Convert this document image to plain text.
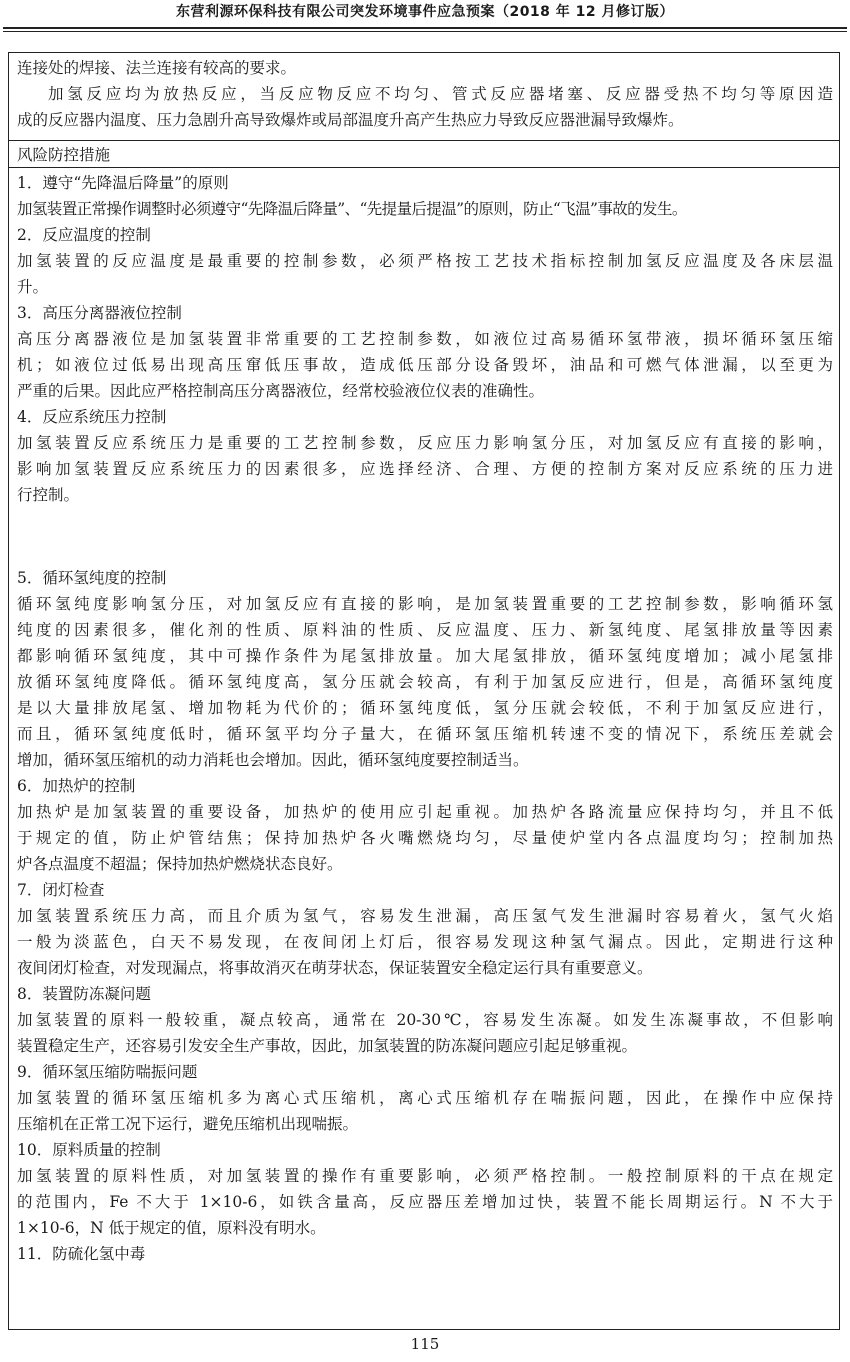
东营利源环保科技有限公司突发环境事件应急预案（2018 年 12 月修订版）
连接处的焊接、法兰连接有较高的要求。
加氢反应均为放热反应，当反应物反应不均匀、管式反应器堵塞、反应器受热不均匀等原因造
成的反应器内温度、压力急剧升高导致爆炸或局部温度升高产生热应力导致反应器泄漏导致爆炸。
风险防控措施
1．遵守“先降温后降量”的原则
加氢装置正常操作调整时必须遵守“先降温后降量”、“先提量后提温”的原则，防止“飞温”事故的发生。
2．反应温度的控制
加氢装置的反应温度是最重要的控制参数，必须严格按工艺技术指标控制加氢反应温度及各床层温
升。
3．高压分离器液位控制
高压分离器液位是加氢装置非常重要的工艺控制参数，如液位过高易循环氢带液，损坏循环氢压缩
机；如液位过低易出现高压窜低压事故，造成低压部分设备毁坏，油品和可燃气体泄漏，以至更为
严重的后果。因此应严格控制高压分离器液位，经常校验液位仪表的准确性。
4．反应系统压力控制
加氢装置反应系统压力是重要的工艺控制参数，反应压力影响氢分压，对加氢反应有直接的影响，
影响加氢装置反应系统压力的因素很多，应选择经济、合理、方便的控制方案对反应系统的压力进
行控制。
5．循环氢纯度的控制
循环氢纯度影响氢分压，对加氢反应有直接的影响，是加氢装置重要的工艺控制参数，影响循环氢
纯度的因素很多，催化剂的性质、原料油的性质、反应温度、压力、新氢纯度、尾氢排放量等因素
都影响循环氢纯度，其中可操作条件为尾氢排放量。加大尾氢排放，循环氢纯度增加；减小尾氢排
放循环氢纯度降低。循环氢纯度高，氢分压就会较高，有利于加氢反应进行，但是，高循环氢纯度
是以大量排放尾氢、增加物耗为代价的；循环氢纯度低，氢分压就会较低，不利于加氢反应进行，
而且，循环氢纯度低时，循环氢平均分子量大，在循环氢压缩机转速不变的情况下，系统压差就会
增加，循环氢压缩机的动力消耗也会增加。因此，循环氢纯度要控制适当。
6．加热炉的控制
加热炉是加氢装置的重要设备，加热炉的使用应引起重视。加热炉各路流量应保持均匀，并且不低
于规定的值，防止炉管结焦；保持加热炉各火嘴燃烧均匀，尽量使炉堂内各点温度均匀；控制加热
炉各点温度不超温；保持加热炉燃烧状态良好。
7．闭灯检查
加氢装置系统压力高，而且介质为氢气，容易发生泄漏，高压氢气发生泄漏时容易着火，氢气火焰
一般为淡蓝色，白天不易发现，在夜间闭上灯后，很容易发现这种氢气漏点。因此，定期进行这种
夜间闭灯检查，对发现漏点，将事故消灭在萌芽状态，保证装置安全稳定运行具有重要意义。
8．装置防冻凝问题
加氢装置的原料一般较重，凝点较高，通常在 20-30℃，容易发生冻凝。如发生冻凝事故，不但影响
装置稳定生产，还容易引发安全生产事故，因此，加氢装置的防冻凝问题应引起足够重视。
9．循环氢压缩防喘振问题
加氢装置的循环氢压缩机多为离心式压缩机，离心式压缩机存在喘振问题，因此，在操作中应保持
压缩机在正常工况下运行，避免压缩机出现喘振。
10．原料质量的控制
加氢装置的原料性质，对加氢装置的操作有重要影响，必须严格控制。一般控制原料的干点在规定
的范围内，Fe 不大于 1×10-6，如铁含量高，反应器压差增加过快，装置不能长周期运行。N 不大于
1×10-6，N 低于规定的值，原料没有明水。
11．防硫化氢中毒
115
